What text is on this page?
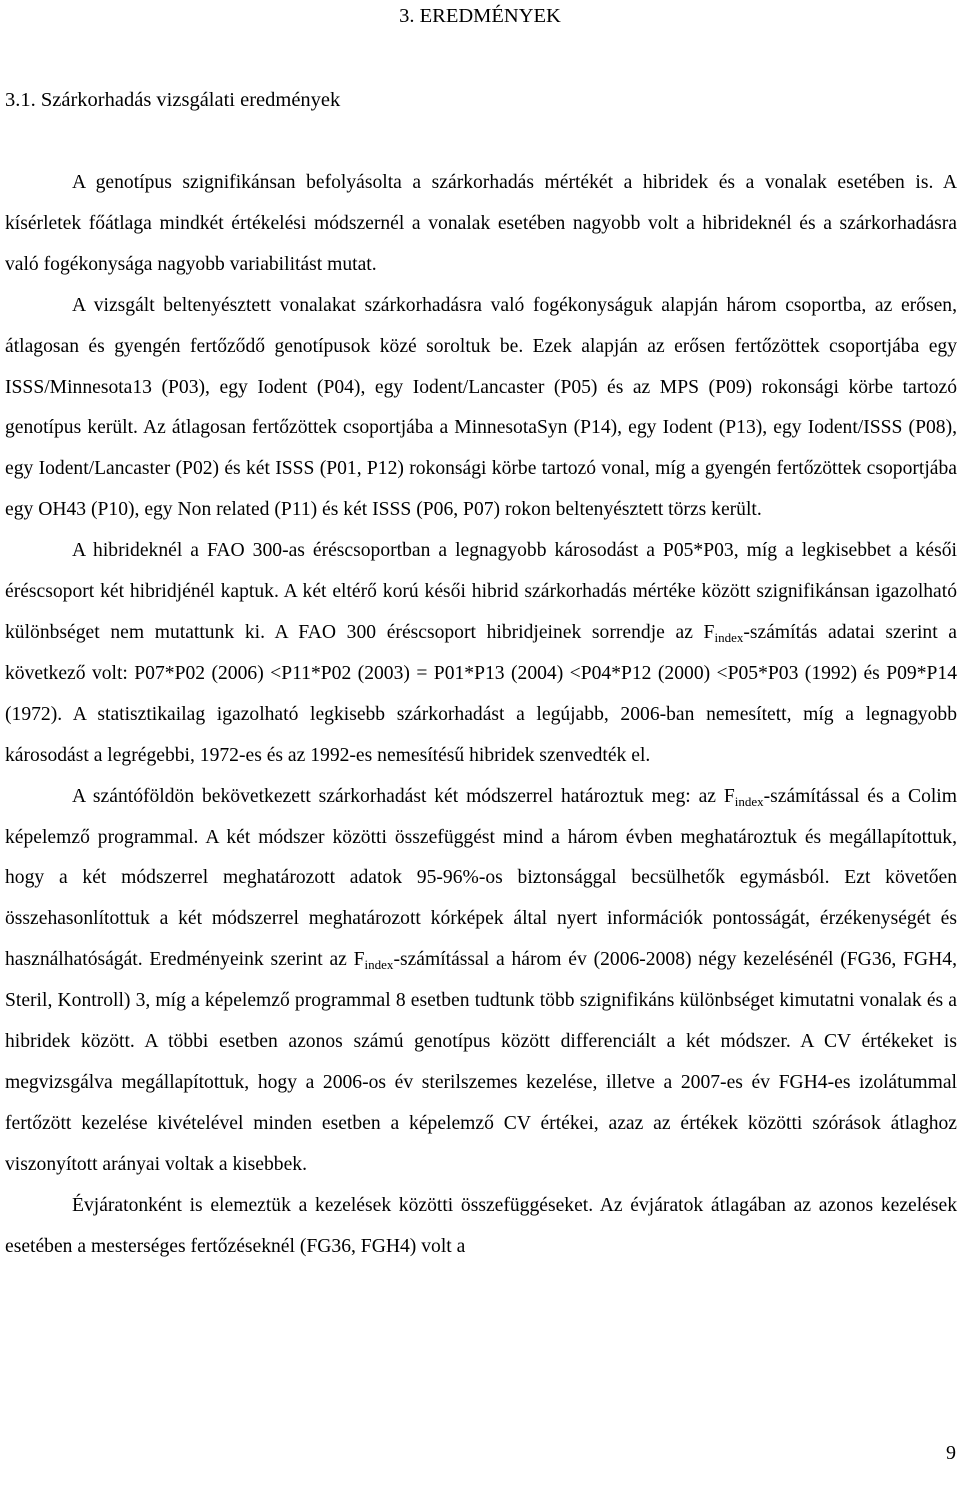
3. EREDMÉNYEK
3.1. Szárkorhadás vizsgálati eredmények

A genotípus szignifikánsan befolyásolta a szárkorhadás mértékét a hibridek és a vonalak esetében is. A kísérletek főátlaga mindkét értékelési módszernél a vonalak esetében nagyobb volt a hibrideknél és a szárkorhadásra való fogékonysága nagyobb variabilitást mutat.

A vizsgált beltenyésztett vonalakat szárkorhadásra való fogékonyságuk alapján három csoportba, az erősen, átlagosan és gyengén fertőződő genotípusok közé soroltuk be. Ezek alapján az erősen fertőzöttek csoportjába egy ISSS/Minnesota13 (P03), egy Iodent (P04), egy Iodent/Lancaster (P05) és az MPS (P09) rokonsági körbe tartozó genotípus került. Az átlagosan fertőzöttek csoportjába a MinnesotaSyn (P14), egy Iodent (P13), egy Iodent/ISSS (P08), egy Iodent/Lancaster (P02) és két ISSS (P01, P12) rokonsági körbe tartozó vonal, míg a gyengén fertőzöttek csoportjába egy OH43 (P10), egy Non related (P11) és két ISSS (P06, P07) rokon beltenyésztett törzs került.

A hibrideknél a FAO 300-as éréscsoportban a legnagyobb károsodást a P05*P03, míg a legkisebbet a késői éréscsoport két hibridjénél kaptuk. A két eltérő korú késői hibrid szárkorhadás mértéke között szignifikánsan igazolható különbséget nem mutattunk ki. A FAO 300 éréscsoport hibridjeinek sorrendje az $F_{index}$-számítás adatai szerint a következő volt: P07*P02 (2006) <P11*P02 (2003) = P01*P13 (2004) <P04*P12 (2000) <P05*P03 (1992) és P09*P14 (1972). A statisztikailag igazolható legkisebb szárkorhadást a legújabb, 2006-ban nemesített, míg a legnagyobb károsodást a legrégebbi, 1972-es és az 1992-es nemesítésű hibridek szenvedték el.

A szántóföldön bekövetkezett szárkorhadást két módszerrel határoztuk meg: az $F_{index}$-számítással és a Colim képelemző programmal. A két módszer közötti összefüggést mind a három évben meghatároztuk és megállapítottuk, hogy a két módszerrel meghatározott adatok 95-96%-os biztonsággal becsülhetők egymásból. Ezt követően összehasonlítottuk a két módszerrel meghatározott kórképek által nyert információk pontosságát, érzékenységét és használhatóságát. Eredményeink szerint az $F_{index}$-számítással a három év (2006-2008) négy kezelésénél (FG36, FGH4, Steril, Kontroll) 3, míg a képelemző programmal 8 esetben tudtunk több szignifikáns különbséget kimutatni vonalak és a hibridek között. A többi esetben azonos számú genotípus között differenciált a két módszer. A CV értékeket is megvizsgálva megállapítottuk, hogy a 2006-os év sterilszemes kezelése, illetve a 2007-es év FGH4-es izolátummal fertőzött kezelése kivételével minden esetben a képelemző CV értékei, azaz az értékek közötti szórások átlaghoz viszonyított arányai voltak a kisebbek.

Évjáratonként is elemeztük a kezelések közötti összefüggéseket. Az évjáratok átlagában az azonos kezelések esetében a mesterséges fertőzéseknél (FG36, FGH4) volt a

9
